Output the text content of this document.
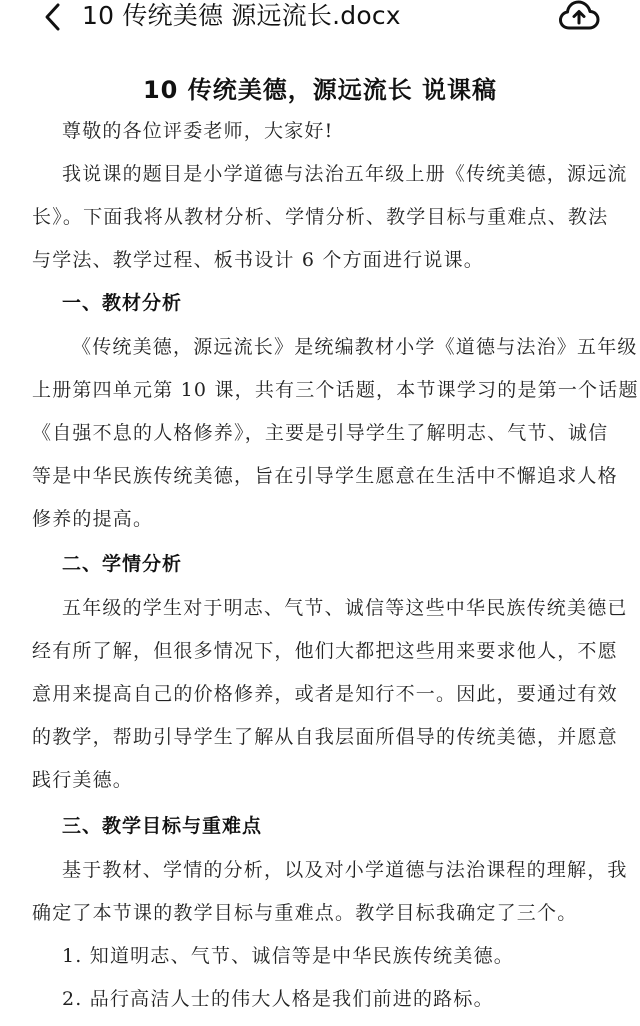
10 传统美德 源远流长.docx
10 传统美德，源远流长 说课稿
尊敬的各位评委老师，大家好!
我说课的题目是小学道德与法治五年级上册《传统美德，源远流
长》。下面我将从教材分析、学情分析、教学目标与重难点、教法
与学法、教学过程、板书设计 6 个方面进行说课。
一、教材分析
《传统美德，源远流长》是统编教材小学《道德与法治》五年级
上册第四单元第 10 课，共有三个话题，本节课学习的是第一个话题
《自强不息的人格修养》，主要是引导学生了解明志、气节、诚信
等是中华民族传统美德，旨在引导学生愿意在生活中不懈追求人格
修养的提高。
二、学情分析
五年级的学生对于明志、气节、诚信等这些中华民族传统美德已
经有所了解，但很多情况下，他们大都把这些用来要求他人，不愿
意用来提高自己的价格修养，或者是知行不一。因此，要通过有效
的教学，帮助引导学生了解从自我层面所倡导的传统美德，并愿意
践行美德。
三、教学目标与重难点
基于教材、学情的分析，以及对小学道德与法治课程的理解，我
确定了本节课的教学目标与重难点。教学目标我确定了三个。
1. 知道明志、气节、诚信等是中华民族传统美德。
2. 品行高洁人士的伟大人格是我们前进的路标。
